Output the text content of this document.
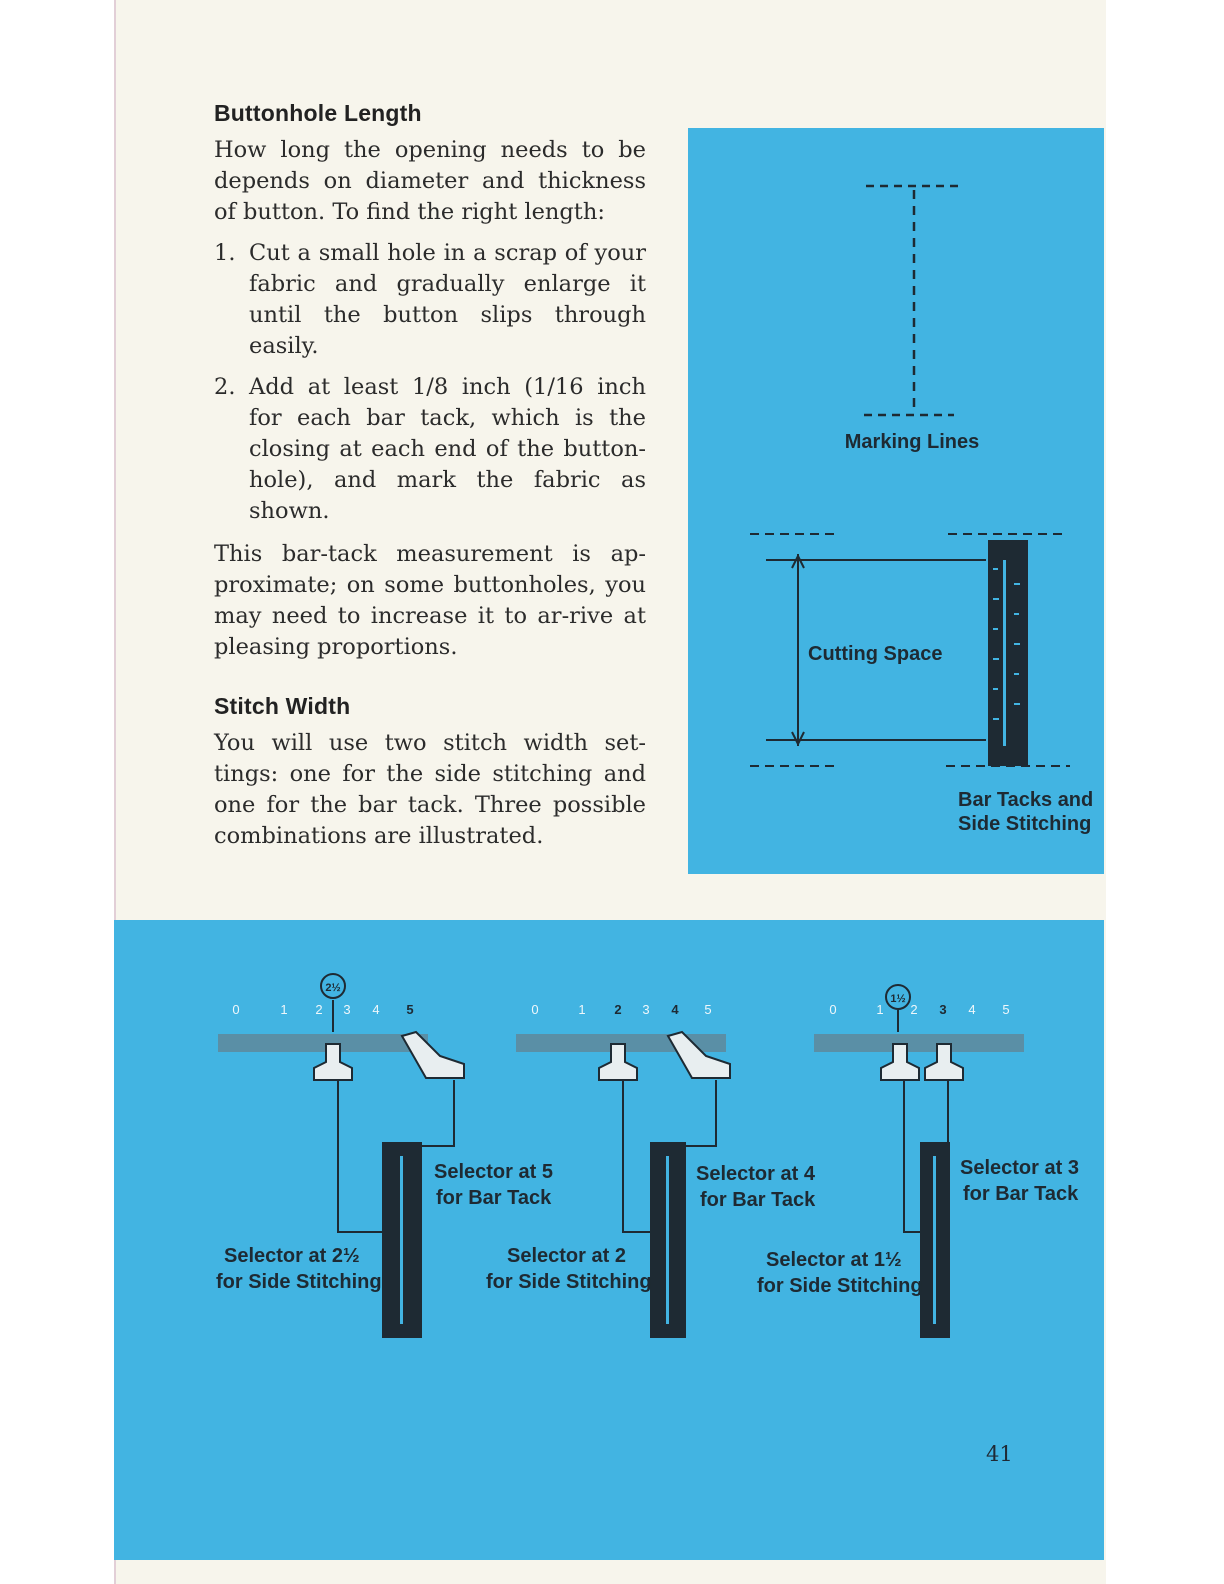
Buttonhole Length

How long the opening needs to be depends on diameter and thickness of button. To find the right length:

1. Cut a small hole in a scrap of your fabric and gradually enlarge it until the button slips through easily.
2. Add at least 1/8 inch (1/16 inch for each bar tack, which is the closing at each end of the button-hole), and mark the fabric as shown.

This bar-tack measurement is ap-proximate; on some buttonholes, you may need to increase it to ar-rive at pleasing proportions.

Stitch Width

You will use two stitch width set-tings: one for the side stitching and one for the bar tack. Three possible combinations are illustrated.

Marking Lines
Cutting Space
Bar Tacks and
Side Stitching
0	1 2 3 4 5
2½
Selector at 5
for Bar Tack
Selector at 2½
for Side Stitching
0	1 2 3 4 5
Selector at 4
for Bar Tack
Selector at 2
for Side Stitching
0	1 2 3 4 5
1½
Selector at 3
for Bar Tack
Selector at 1½
for Side Stitching
41
